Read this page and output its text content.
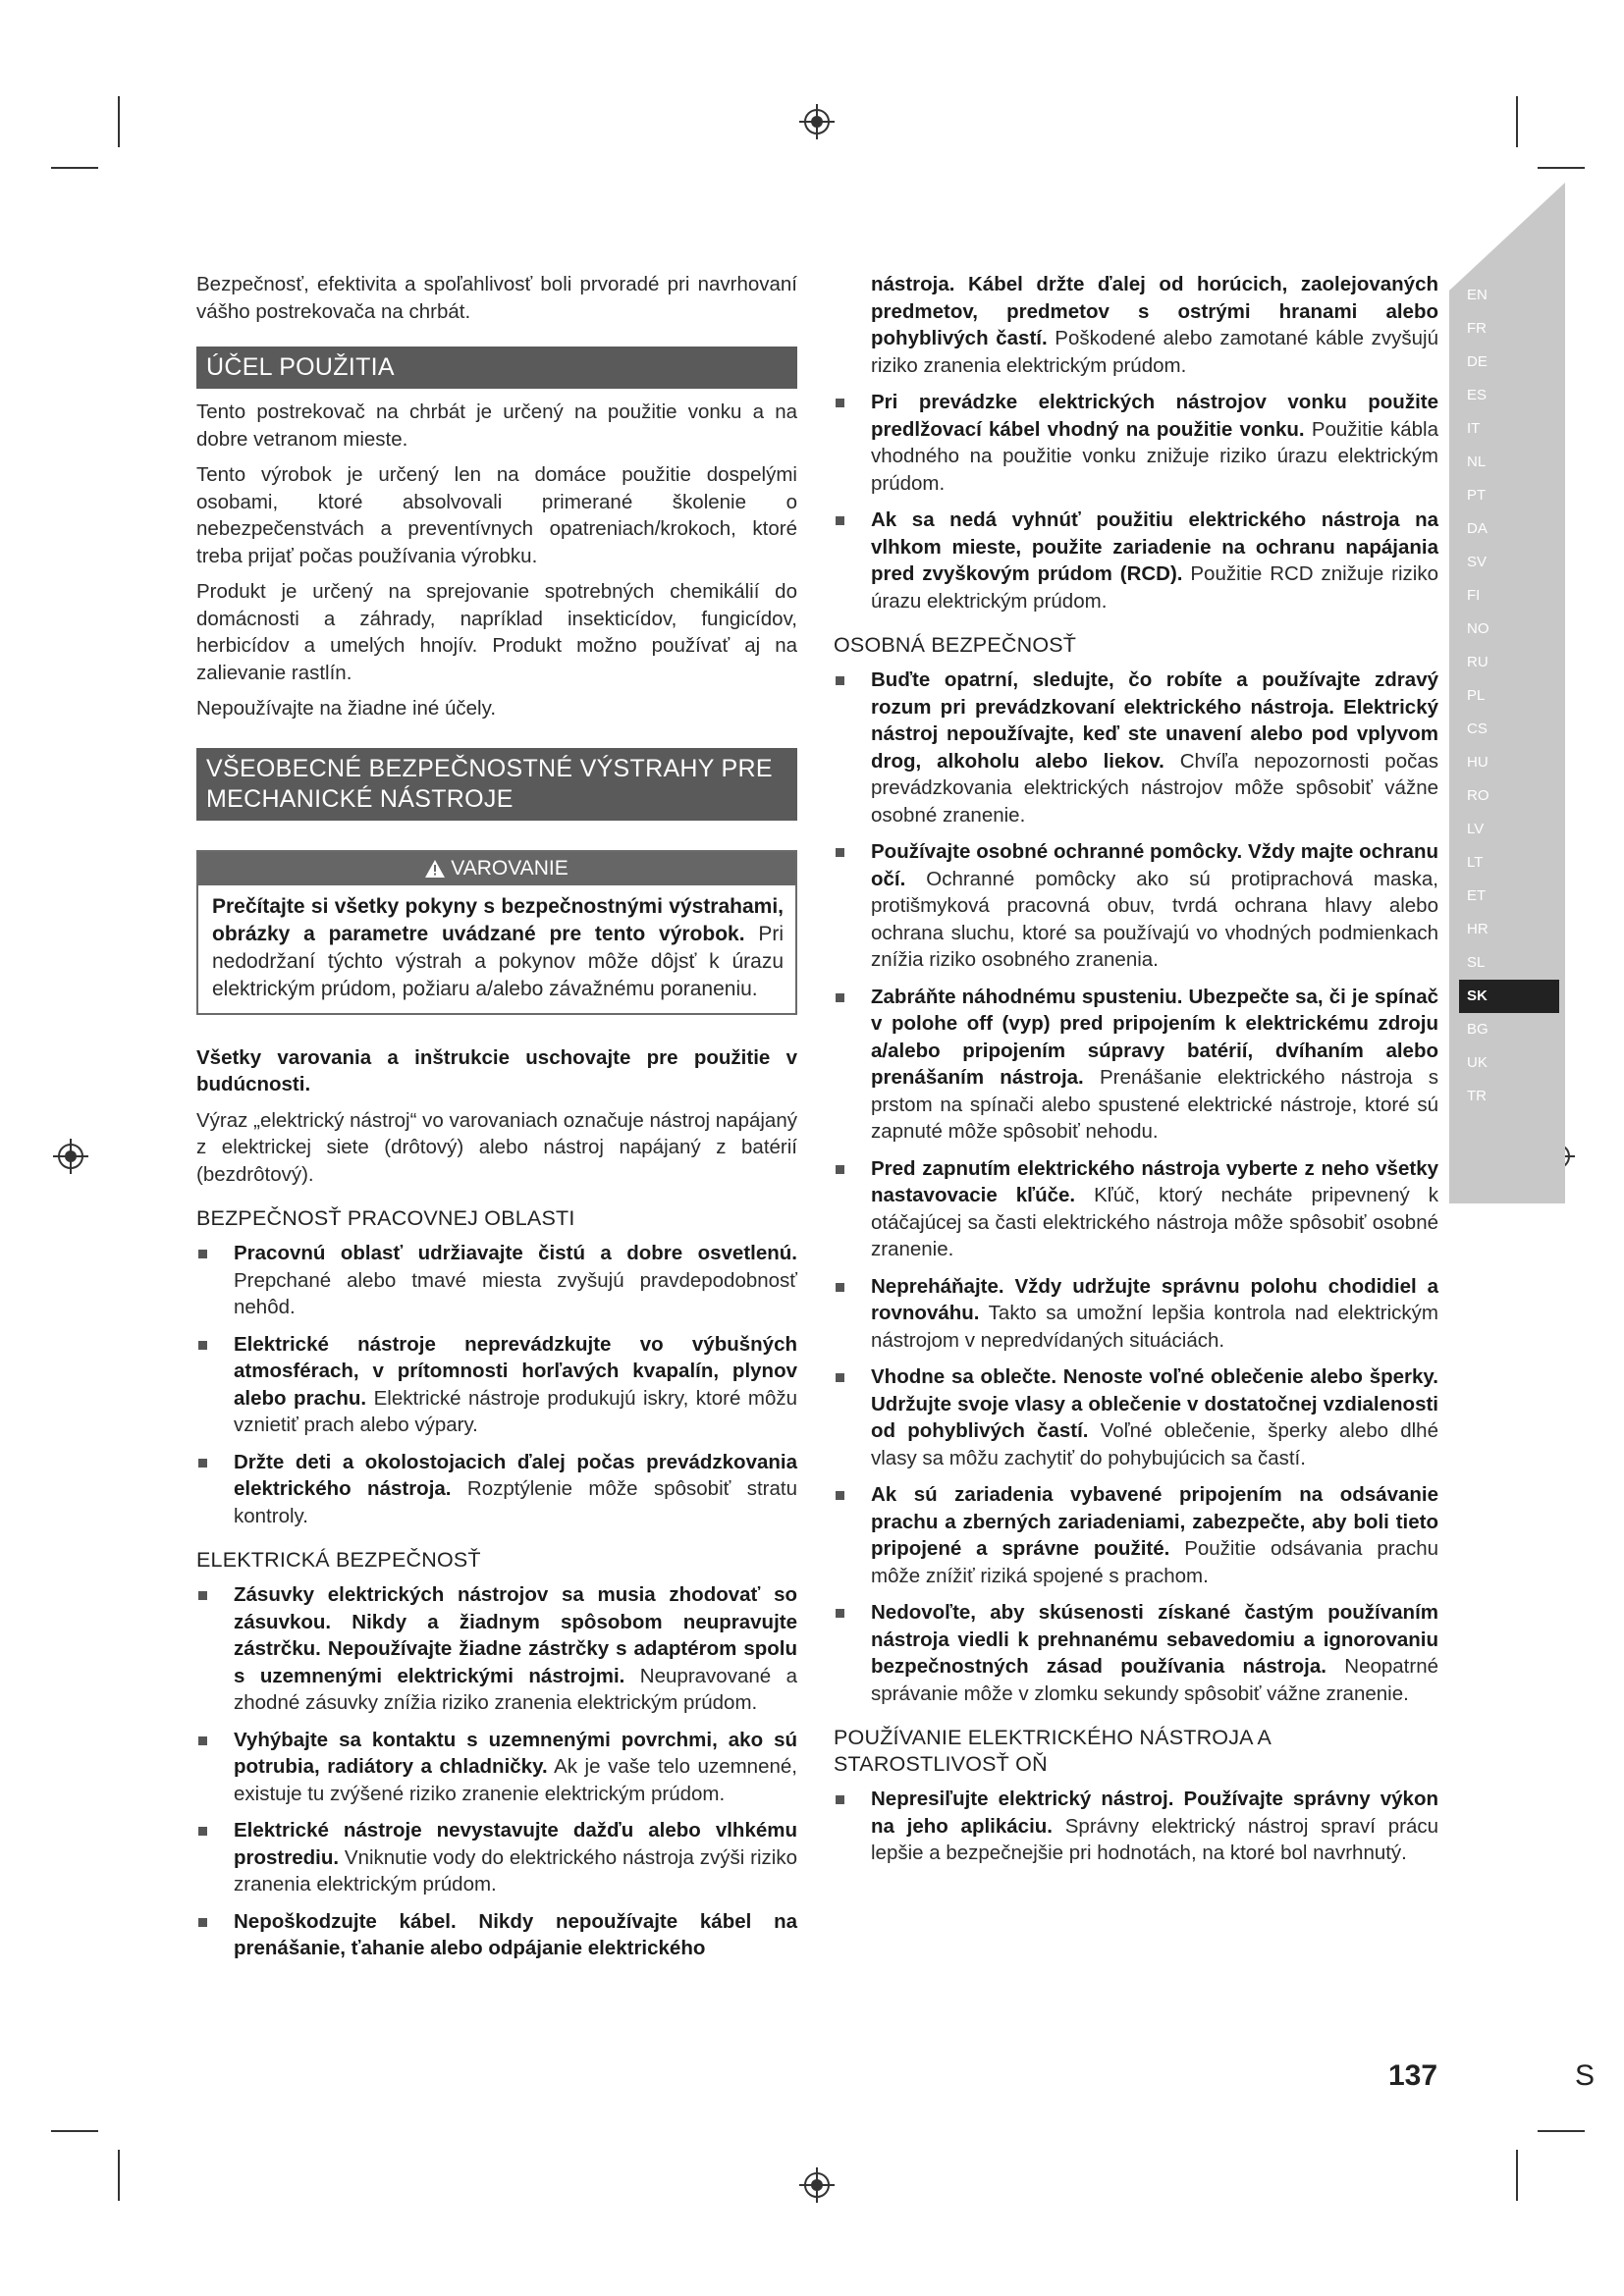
EN
FR
DE
ES
IT
NL
PT
DA
SV
FI
NO
RU
PL
CS
HU
RO
LV
LT
ET
HR
SL
SK
BG
UK
TR

Bezpečnosť, efektivita a spoľahlivosť boli prvoradé pri navrhovaní vášho postrekovača na chrbát.

ÚČEL POUŽITIA

Tento postrekovač na chrbát je určený na použitie vonku a na dobre vetranom mieste.

Tento výrobok je určený len na domáce použitie dospelými osobami, ktoré absolvovali primerané školenie o nebezpečenstvách a preventívnych opatreniach/krokoch, ktoré treba prijať počas používania výrobku.

Produkt je určený na sprejovanie spotrebných chemikálií do domácnosti a záhrady, napríklad insekticídov, fungicídov, herbicídov a umelých hnojív. Produkt možno používať aj na zalievanie rastlín.

Nepoužívajte na žiadne iné účely.

VŠEOBECNÉ BEZPEČNOSTNÉ VÝSTRAHY PRE MECHANICKÉ NÁSTROJE
VAROVANIE
Prečítajte si všetky pokyny s bezpečnostnými výstrahami, obrázky a parametre uvádzané pre tento výrobok. Pri nedodržaní týchto výstrah a pokynov môže dôjsť k úrazu elektrickým prúdom, požiaru a/alebo závažnému poraneniu.

Všetky varovania a inštrukcie uschovajte pre použitie v budúcnosti.

Výraz „elektrický nástroj“ vo varovaniach označuje nástroj napájaný z elektrickej siete (drôtový) alebo nástroj napájaný z batérií (bezdrôtový).

BEZPEČNOSŤ PRACOVNEJ OBLASTI
Pracovnú oblasť udržiavajte čistú a dobre osvetlenú. Prepchané alebo tmavé miesta zvyšujú pravdepodobnosť nehôd.
Elektrické nástroje neprevádzkujte vo výbušných atmosférach, v prítomnosti horľavých kvapalín, plynov alebo prachu. Elektrické nástroje produkujú iskry, ktoré môžu vznietiť prach alebo výpary.
Držte deti a okolostojacich ďalej počas prevádzkovania elektrického nástroja. Rozptýlenie môže spôsobiť stratu kontroly.
ELEKTRICKÁ BEZPEČNOSŤ
Zásuvky elektrických nástrojov sa musia zhodovať so zásuvkou. Nikdy a žiadnym spôsobom neupravujte zástrčku. Nepoužívajte žiadne zástrčky s adaptérom spolu s uzemnenými elektrickými nástrojmi. Neupravované a zhodné zásuvky znížia riziko zranenia elektrickým prúdom.
Vyhýbajte sa kontaktu s uzemnenými povrchmi, ako sú potrubia, radiátory a chladničky. Ak je vaše telo uzemnené, existuje tu zvýšené riziko zranenie elektrickým prúdom.
Elektrické nástroje nevystavujte dažďu alebo vlhkému prostrediu. Vniknutie vody do elektrického nástroja zvýši riziko zranenia elektrickým prúdom.
Nepoškodzujte kábel. Nikdy nepoužívajte kábel na prenášanie, ťahanie alebo odpájanie elektrického
nástroja. Kábel držte ďalej od horúcich, zaolejovaných predmetov, predmetov s ostrými hranami alebo pohyblivých častí. Poškodené alebo zamotané káble zvyšujú riziko zranenia elektrickým prúdom.
Pri prevádzke elektrických nástrojov vonku použite predlžovací kábel vhodný na použitie vonku. Použitie kábla vhodného na použitie vonku znižuje riziko úrazu elektrickým prúdom.
Ak sa nedá vyhnúť použitiu elektrického nástroja na vlhkom mieste, použite zariadenie na ochranu napájania pred zvyškovým prúdom (RCD). Použitie RCD znižuje riziko úrazu elektrickým prúdom.
OSOBNÁ BEZPEČNOSŤ
Buďte opatrní, sledujte, čo robíte a používajte zdravý rozum pri prevádzkovaní elektrického nástroja. Elektrický nástroj nepoužívajte, keď ste unavení alebo pod vplyvom drog, alkoholu alebo liekov. Chvíľa nepozornosti počas prevádzkovania elektrických nástrojov môže spôsobiť vážne osobné zranenie.
Používajte osobné ochranné pomôcky. Vždy majte ochranu očí. Ochranné pomôcky ako sú protiprachová maska, protišmyková pracovná obuv, tvrdá ochrana hlavy alebo ochrana sluchu, ktoré sa používajú vo vhodných podmienkach znížia riziko osobného zranenia.
Zabráňte náhodnému spusteniu. Ubezpečte sa, či je spínač v polohe off (vyp) pred pripojením k elektrickému zdroju a/alebo pripojením súpravy batérií, dvíhaním alebo prenášaním nástroja. Prenášanie elektrického nástroja s prstom na spínači alebo spustené elektrické nástroje, ktoré sú zapnuté môže spôsobiť nehodu.
Pred zapnutím elektrického nástroja vyberte z neho všetky nastavovacie kľúče. Kľúč, ktorý necháte pripevnený k otáčajúcej sa časti elektrického nástroja môže spôsobiť osobné zranenie.
Nepreháňajte. Vždy udržujte správnu polohu chodidiel a rovnováhu. Takto sa umožní lepšia kontrola nad elektrickým nástrojom v nepredvídaných situáciách.
Vhodne sa oblečte. Nenoste voľné oblečenie alebo šperky. Udržujte svoje vlasy a oblečenie v dostatočnej vzdialenosti od pohyblivých častí. Voľné oblečenie, šperky alebo dlhé vlasy sa môžu zachytiť do pohybujúcich sa častí.
Ak sú zariadenia vybavené pripojením na odsávanie prachu a zberných zariadeniami, zabezpečte, aby boli tieto pripojené a správne použité. Použitie odsávania prachu môže znížiť riziká spojené s prachom.
Nedovoľte, aby skúsenosti získané častým používaním nástroja viedli k prehnanému sebavedomiu a ignorovaniu bezpečnostných zásad používania nástroja. Neopatrné správanie môže v zlomku sekundy spôsobiť vážne zranenie.
POUŽÍVANIE ELEKTRICKÉHO NÁSTROJA A STAROSTLIVOSŤ OŇ
Nepresiľujte elektrický nástroj. Používajte správny výkon na jeho aplikáciu. Správny elektrický nástroj spraví prácu lepšie a bezpečnejšie pri hodnotách, na ktoré bol navrhnutý.
137	S
